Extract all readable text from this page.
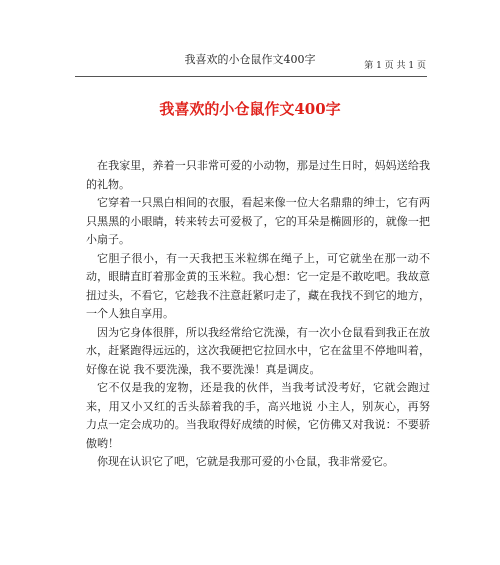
我喜欢的小仓鼠作文400字	第 1 页 共 1 页
我喜欢的小仓鼠作文400字

在我家里，养着一只非常可爱的小动物，那是过生日时，妈妈送给我的礼物。

它穿着一只黑白相间的衣服，看起来像一位大名鼎鼎的绅士，它有两只黑黑的小眼睛，转来转去可爱极了，它的耳朵是椭圆形的，就像一把小扇子。

它胆子很小，有一天我把玉米粒绑在绳子上，可它就坐在那一动不动，眼睛直盯着那金黄的玉米粒。我心想：它一定是不敢吃吧。我故意扭过头，不看它，它趁我不注意赶紧叼走了，藏在我找不到它的地方，一个人独自享用。

因为它身体很胖，所以我经常给它洗澡，有一次小仓鼠看到我正在放水，赶紧跑得远远的，这次我硬把它拉回水中，它在盆里不停地叫着，好像在说 我不要洗澡，我不要洗澡！真是调皮。

它不仅是我的宠物，还是我的伙伴，当我考试没考好，它就会跑过来，用又小又红的舌头舔着我的手，高兴地说 小主人，别灰心，再努力点一定会成功的。当我取得好成绩的时候，它仿佛又对我说：不要骄傲哟！

你现在认识它了吧，它就是我那可爱的小仓鼠，我非常爱它。
